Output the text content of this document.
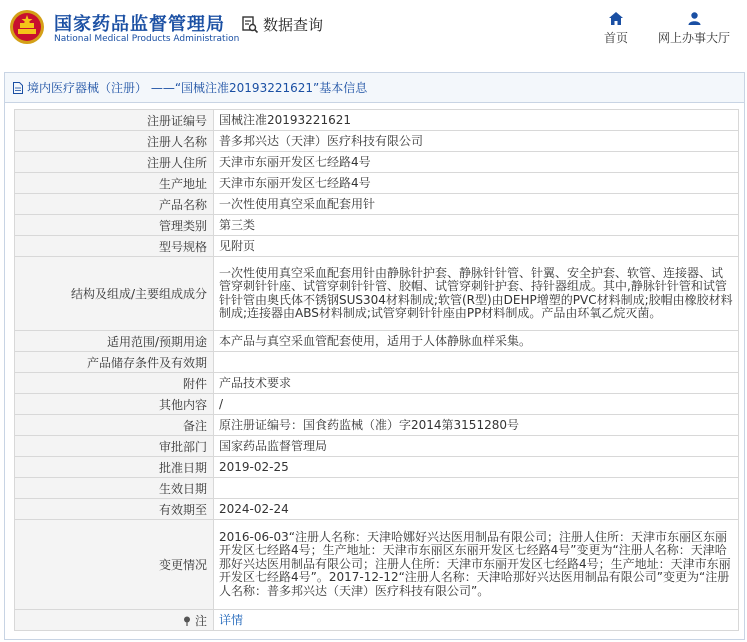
国家药品监督管理局
National Medical Products Administration
数据查询
首页	网上办事大厅
境内医疗器械（注册） ——“国械注准20193221621”基本信息
注册证编号	国械注准20193221621
注册人名称	普多邦兴达（天津）医疗科技有限公司
注册人住所	天津市东丽开发区七经路4号
生产地址	天津市东丽开发区七经路4号
产品名称	一次性使用真空采血配套用针
管理类别	第三类
型号规格	见附页
结构及组成/主要组成成分	一次性使用真空采血配套用针由静脉针护套、静脉针针管、针翼、安全护套、软管、连接器、试管穿刺针针座、试管穿刺针针管、胶帽、试管穿刺针护套、持针器组成。其中,静脉针针管和试管针针管由奥氏体不锈钢SUS304材料制成;软管(R型)由DEHP增塑的PVC材料制成;胶帽由橡胶材料制成;连接器由ABS材料制成;试管穿刺针针座由PP材料制成。产品由环氧乙烷灭菌。
适用范围/预期用途	本产品与真空采血管配套使用，适用于人体静脉血样采集。
产品储存条件及有效期	
附件	产品技术要求
其他内容	/
备注	原注册证编号：国食药监械（准）字2014第3151280号
审批部门	国家药品监督管理局
批准日期	2019-02-25
生效日期	
有效期至	2024-02-24
变更情况	2016-06-03“注册人名称：天津哈娜好兴达医用制品有限公司；注册人住所：天津市东丽区东丽开发区七经路4号；生产地址：天津市东丽区东丽开发区七经路4号”变更为“注册人名称：天津哈那好兴达医用制品有限公司；注册人住所：天津市东丽开发区七经路4号；生产地址：天津市东丽开发区七经路4号”。2017-12-12“注册人名称：天津哈那好兴达医用制品有限公司”变更为“注册人名称：普多邦兴达（天津）医疗科技有限公司”。
注	详情
